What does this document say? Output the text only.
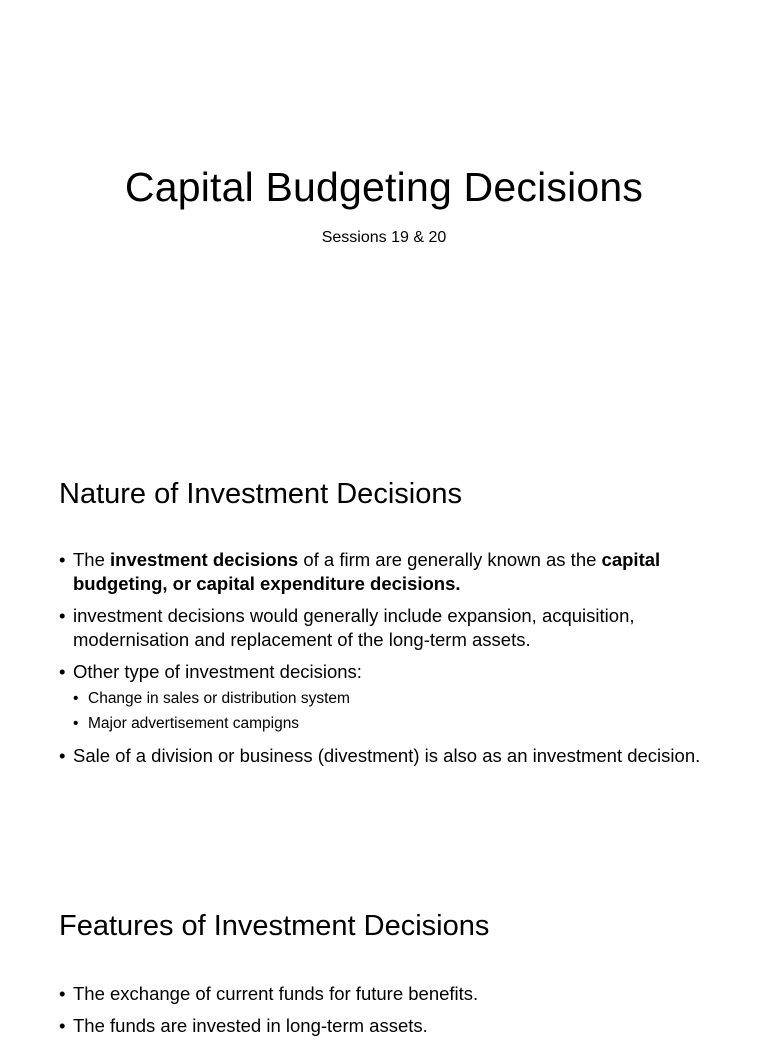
Capital Budgeting Decisions

Sessions 19 & 20

Nature of Investment Decisions
• The investment decisions of a firm are generally known as the capital budgeting, or capital expenditure decisions.
• investment decisions would generally include expansion, acquisition, modernisation and replacement of the long-term assets.
• Other type of investment decisions:
• Change in sales or distribution system
• Major advertisement campigns
• Sale of a division or business (divestment) is also as an investment decision.
Features of Investment Decisions
• The exchange of current funds for future benefits.
• The funds are invested in long-term assets.
